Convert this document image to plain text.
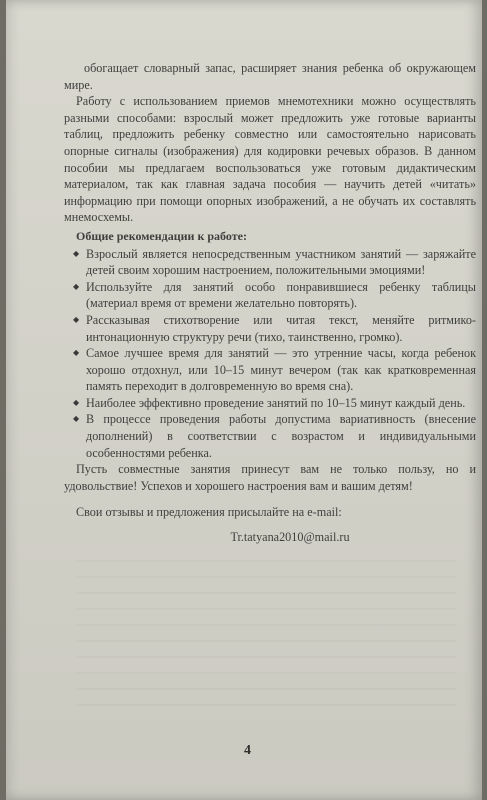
обогащает словарный запас, расширяет знания ребенка об окружающем мире.

Работу с использованием приемов мнемотехники можно осуществлять разными способами: взрослый может предложить уже готовые варианты таблиц, предложить ребенку совместно или самостоятельно нарисовать опорные сигналы (изображения) для кодировки речевых образов. В данном пособии мы предлагаем воспользоваться уже готовым дидактическим материалом, так как главная задача пособия — научить детей «читать» информацию при помощи опорных изображений, а не обучать их составлять мнемосхемы.

Общие рекомендации к работе:

◆ Взрослый является непосредственным участником занятий — заряжайте детей своим хорошим настроением, положительными эмоциями!
◆ Используйте для занятий особо понравившиеся ребенку таблицы (материал время от времени желательно повторять).
◆ Рассказывая стихотворение или читая текст, меняйте ритмико-интонационную структуру речи (тихо, таинственно, громко).
◆ Самое лучшее время для занятий — это утренние часы, когда ребенок хорошо отдохнул, или 10–15 минут вечером (так как кратковременная память переходит в долговременную во время сна).
◆ Наиболее эффективно проведение занятий по 10–15 минут каждый день.
◆ В процессе проведения работы допустима вариативность (внесение дополнений) в соответствии с возрастом и индивидуальными особенностями ребенка.

Пусть совместные занятия принесут вам не только пользу, но и удовольствие! Успехов и хорошего настроения вам и вашим детям!

Свои отзывы и предложения присылайте на e-mail:

Tr.tatyana2010@mail.ru

4
